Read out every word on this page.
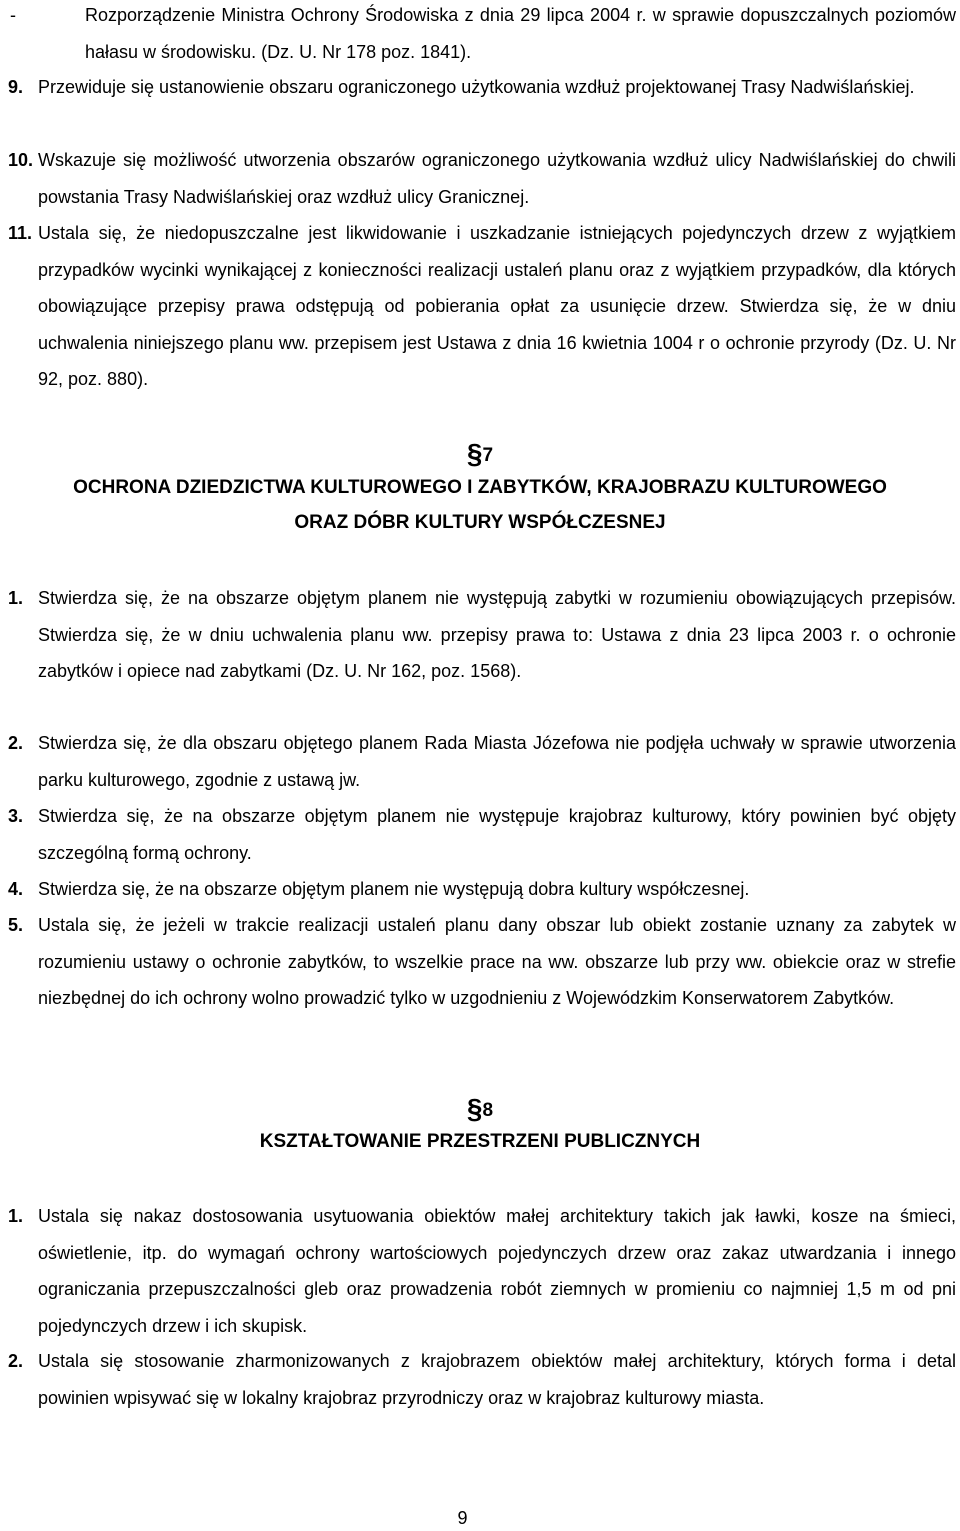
-	Rozporządzenie Ministra Ochrony Środowiska z dnia 29 lipca 2004 r. w sprawie dopuszczalnych poziomów hałasu w środowisku. (Dz. U. Nr 178 poz. 1841).
9. Przewiduje się ustanowienie obszaru ograniczonego użytkowania wzdłuż projektowanej Trasy Nadwiślańskiej.
10. Wskazuje się możliwość utworzenia obszarów ograniczonego użytkowania wzdłuż ulicy Nadwiślańskiej do chwili powstania Trasy Nadwiślańskiej oraz wzdłuż ulicy Granicznej.
11. Ustala się, że niedopuszczalne jest likwidowanie i uszkadzanie istniejących pojedynczych drzew z wyjątkiem przypadków wycinki wynikającej z konieczności realizacji ustaleń planu oraz z wyjątkiem przypadków, dla których obowiązujące przepisy prawa odstępują od pobierania opłat za usunięcie drzew. Stwierdza się, że w dniu uchwalenia niniejszego planu ww. przepisem jest Ustawa z dnia 16 kwietnia 1004 r o ochronie przyrody (Dz. U. Nr 92, poz. 880).
§7
OCHRONA DZIEDZICTWA KULTUROWEGO I ZABYTKÓW, KRAJOBRAZU KULTUROWEGO
ORAZ DÓBR KULTURY WSPÓŁCZESNEJ
1. Stwierdza się, że na obszarze objętym planem nie występują zabytki w rozumieniu obowiązujących przepisów. Stwierdza się, że w dniu uchwalenia planu ww. przepisy prawa to: Ustawa z dnia 23 lipca 2003 r. o ochronie zabytków i opiece nad zabytkami (Dz. U. Nr 162, poz. 1568).
2. Stwierdza się, że dla obszaru objętego planem Rada Miasta Józefowa nie podjęła uchwały w sprawie utworzenia parku kulturowego, zgodnie z ustawą jw.
3. Stwierdza się, że na obszarze objętym planem nie występuje krajobraz kulturowy, który powinien być objęty szczególną formą ochrony.
4. Stwierdza się, że na obszarze objętym planem nie występują dobra kultury współczesnej.
5. Ustala się, że jeżeli w trakcie realizacji ustaleń planu dany obszar lub obiekt zostanie uznany za zabytek w rozumieniu ustawy o ochronie zabytków, to wszelkie prace na ww. obszarze lub przy ww. obiekcie oraz w strefie niezbędnej do ich ochrony wolno prowadzić tylko w uzgodnieniu z Wojewódzkim Konserwatorem Zabytków.
§8
KSZTAŁTOWANIE PRZESTRZENI PUBLICZNYCH
1. Ustala się nakaz dostosowania usytuowania obiektów małej architektury takich jak ławki, kosze na śmieci, oświetlenie, itp. do wymagań ochrony wartościowych pojedynczych drzew oraz zakaz utwardzania i innego ograniczania przepuszczalności gleb oraz prowadzenia robót ziemnych w promieniu co najmniej 1,5 m od pni pojedynczych drzew i ich skupisk.
2. Ustala się stosowanie zharmonizowanych z krajobrazem obiektów małej architektury, których forma i detal powinien wpisywać się w lokalny krajobraz przyrodniczy oraz w krajobraz kulturowy miasta.
9
